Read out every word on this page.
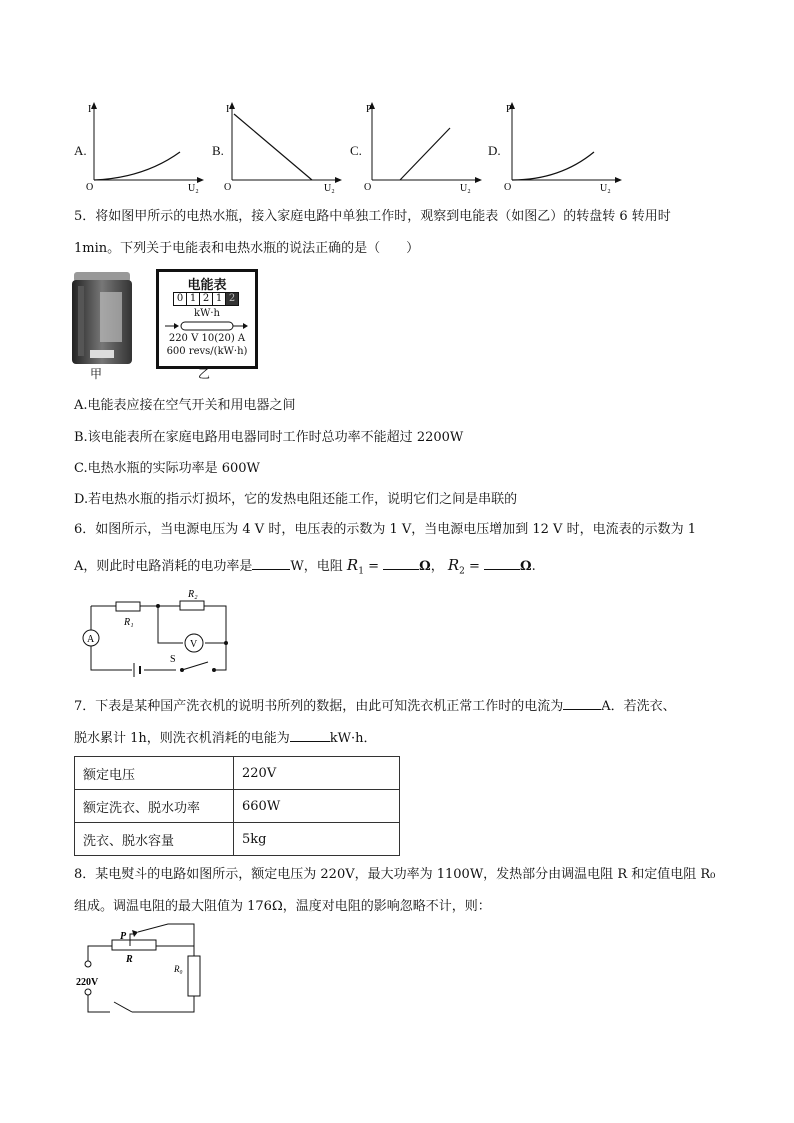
A.
I
O	U₂
B.
I
O	U₂
C.
P
O	U₂
D.
P
O	U₂
5．将如图甲所示的电热水瓶，接入家庭电路中单独工作时，观察到电能表（如图乙）的转盘转 6 转用时
1min。下列关于电能表和电热水瓶的说法正确的是（　　）
甲
电能表
0 1 2 1 2
kW·h
220 V 10(20) A
600 revs/(kW·h)
乙
A.电能表应接在空气开关和用电器之间
B.该电能表所在家庭电路用电器同时工作时总功率不能超过 2200W
C.电热水瓶的实际功率是 600W
D.若电热水瓶的指示灯损坏，它的发热电阻还能工作，说明它们之间是串联的
6．如图所示，当电源电压为 4 V 时，电压表的示数为 1 V，当电源电压增加到 12 V 时，电流表的示数为 1
A，则此时电路消耗的电功率是	W，电阻 $R_1$ =	Ω， $R_2$ =	Ω.
R₁
R₂
V
A
S
7．下表是某种国产洗衣机的说明书所列的数据，由此可知洗衣机正常工作时的电流为	A．若洗衣、
脱水累计 1h，则洗衣机消耗的电能为	kW·h．
额定电压	220V
额定洗衣、脱水功率	660W
洗衣、脱水容量	5kg
8．某电熨斗的电路如图所示，额定电压为 220V，最大功率为 1100W，发热部分由调温电阻 R 和定值电阻 R₀
组成。调温电阻的最大阻值为 176Ω，温度对电阻的影响忽略不计，则：
P
R
R₀
220V
